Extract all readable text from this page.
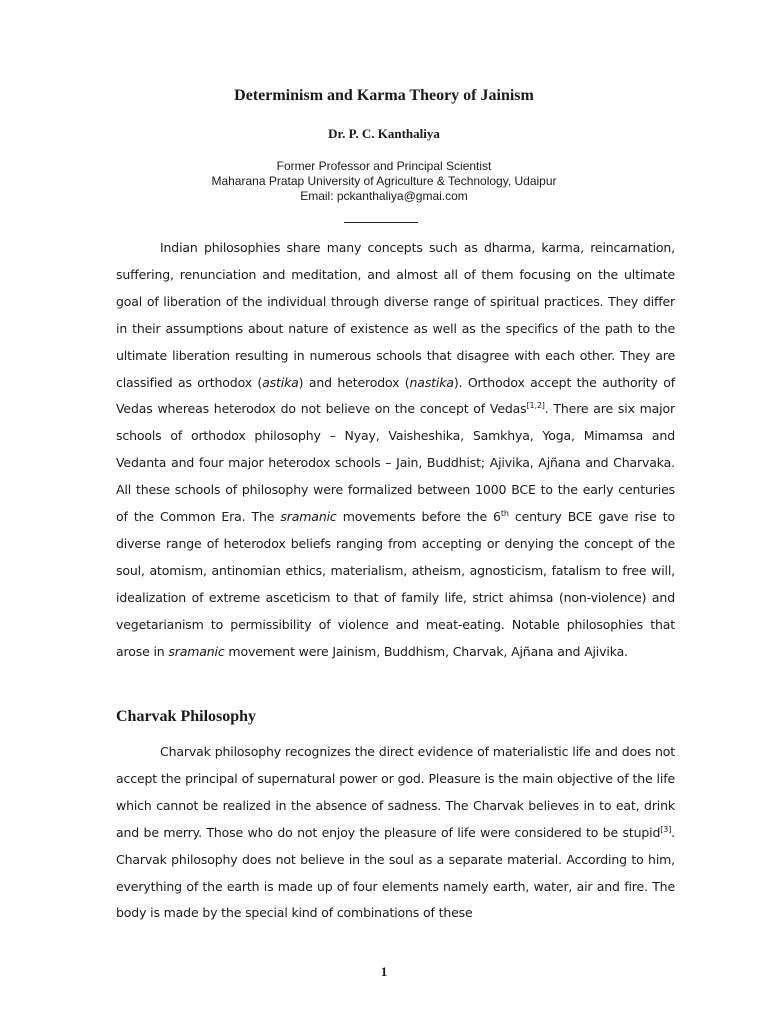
Determinism and Karma Theory of Jainism
Dr. P. C. Kanthaliya
Former Professor and Principal Scientist
Maharana Pratap University of Agriculture & Technology, Udaipur
Email: pckanthaliya@gmai.com

Indian philosophies share many concepts such as dharma, karma, reincarnation, suffering, renunciation and meditation, and almost all of them focusing on the ultimate goal of liberation of the individual through diverse range of spiritual practices. They differ in their assumptions about nature of existence as well as the specifics of the path to the ultimate liberation resulting in numerous schools that disagree with each other. They are classified as orthodox (astika) and heterodox (nastika). Orthodox accept the authority of Vedas whereas heterodox do not believe on the concept of Vedas[1,2]. There are six major schools of orthodox philosophy – Nyay, Vaisheshika, Samkhya, Yoga, Mimamsa and Vedanta and four major heterodox schools – Jain, Buddhist; Ajivika, Ajñana and Charvaka. All these schools of philosophy were formalized between 1000 BCE to the early centuries of the Common Era. The sramanic movements before the 6th century BCE gave rise to diverse range of heterodox beliefs ranging from accepting or denying the concept of the soul, atomism, antinomian ethics, materialism, atheism, agnosticism, fatalism to free will, idealization of extreme asceticism to that of family life, strict ahimsa (non-violence) and vegetarianism to permissibility of violence and meat-eating. Notable philosophies that arose in sramanic movement were Jainism, Buddhism, Charvak, Ajñana and Ajivika.

Charvak Philosophy

Charvak philosophy recognizes the direct evidence of materialistic life and does not accept the principal of supernatural power or god. Pleasure is the main objective of the life which cannot be realized in the absence of sadness. The Charvak believes in to eat, drink and be merry. Those who do not enjoy the pleasure of life were considered to be stupid[3]. Charvak philosophy does not believe in the soul as a separate material. According to him, everything of the earth is made up of four elements namely earth, water, air and fire. The body is made by the special kind of combinations of these

1
